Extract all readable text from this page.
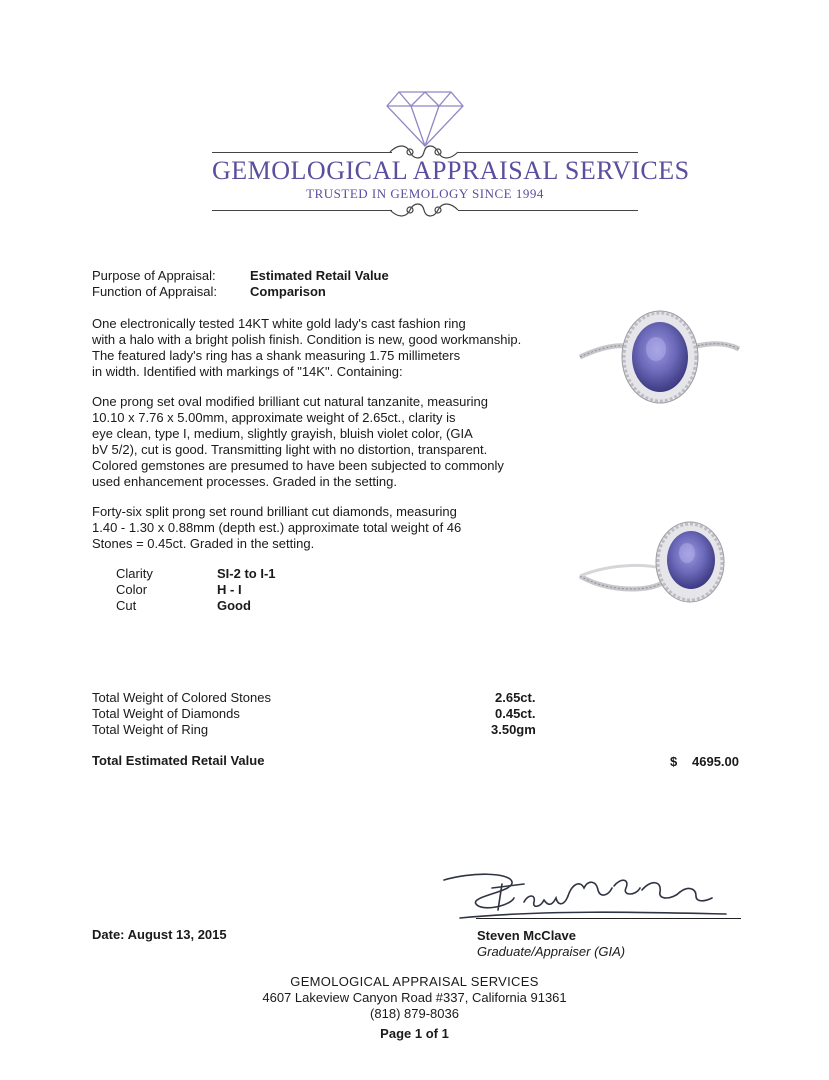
GEMOLOGICAL APPRAISAL SERVICES
TRUSTED IN GEMOLOGY SINCE 1994
Purpose of Appraisal:	Estimated Retail Value
Function of Appraisal:	Comparison
One electronically tested 14KT white gold lady's cast fashion ring
with a halo with a bright polish finish. Condition is new, good workmanship.
The featured lady's ring has a shank measuring 1.75 millimeters
in width. Identified with markings of "14K". Containing:
One prong set oval modified brilliant cut natural tanzanite, measuring
10.10 x 7.76 x 5.00mm, approximate weight of 2.65ct., clarity is
eye clean, type I, medium, slightly grayish, bluish violet color, (GIA
bV 5/2), cut is good. Transmitting light with no distortion, transparent.
Colored gemstones are presumed to have been subjected to commonly
used enhancement processes. Graded in the setting.
Forty-six split prong set round brilliant cut diamonds, measuring
1.40 - 1.30 x 0.88mm (depth est.) approximate total weight of 46
Stones = 0.45ct. Graded in the setting.
Clarity	SI-2 to I-1
Color	H - I
Cut	Good
Total Weight of Colored Stones	2.65ct.
Total Weight of Diamonds	0.45ct.
Total Weight of Ring	3.50gm
Total Estimated Retail Value	$ 4695.00
Date: August 13, 2015	Steven McClave
Graduate/Appraiser (GIA)
GEMOLOGICAL APPRAISAL SERVICES
4607 Lakeview Canyon Road #337, California 91361
(818) 879-8036
Page 1 of 1
